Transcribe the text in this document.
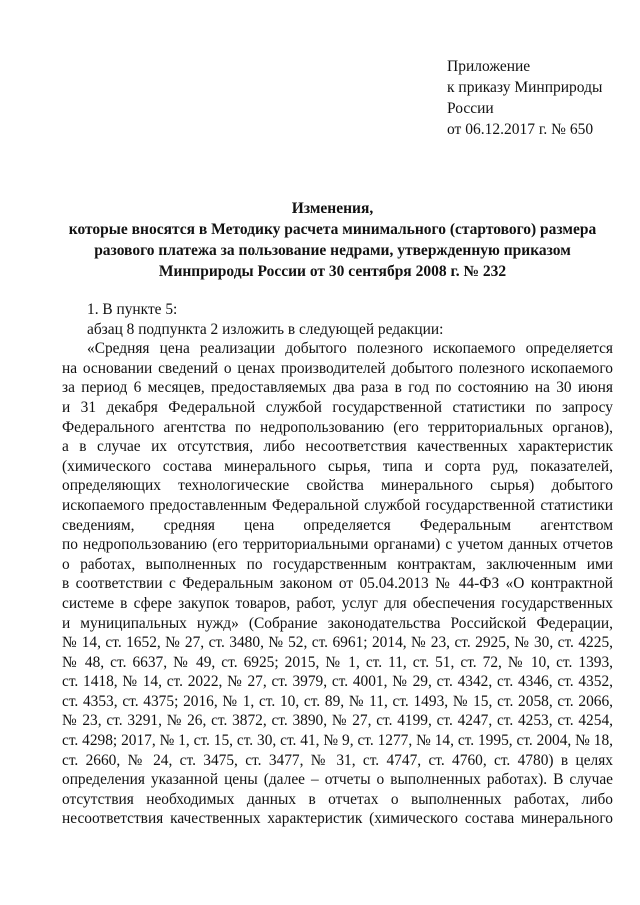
Приложение
к приказу Минприроды
России
от 06.12.2017 г. № 650
Изменения,
которые вносятся в Методику расчета минимального (стартового) размера
разового платежа за пользование недрами, утвержденную приказом
Минприроды России от 30 сентября 2008 г. № 232
1. В пункте 5:
абзац 8 подпункта 2 изложить в следующей редакции:
«Средняя цена реализации добытого полезного ископаемого определяется
на основании сведений о ценах производителей добытого полезного ископаемого
за период 6 месяцев, предоставляемых два раза в год по состоянию на 30 июня
и 31 декабря Федеральной службой государственной статистики по запросу
Федерального агентства по недропользованию (его территориальных органов),
а в случае их отсутствия, либо несоответствия качественных характеристик
(химического состава минерального сырья, типа и сорта руд, показателей,
определяющих технологические свойства минерального сырья) добытого
ископаемого предоставленным Федеральной службой государственной статистики
сведениям, средняя цена определяется Федеральным агентством
по недропользованию (его территориальными органами) с учетом данных отчетов
о работах, выполненных по государственным контрактам, заключенным ими
в соответствии с Федеральным законом от 05.04.2013 № 44-ФЗ «О контрактной
системе в сфере закупок товаров, работ, услуг для обеспечения государственных
и муниципальных нужд» (Собрание законодательства Российской Федерации,
№ 14, ст. 1652, № 27, ст. 3480, № 52, ст. 6961; 2014, № 23, ст. 2925, № 30, ст. 4225,
№ 48, ст. 6637, № 49, ст. 6925; 2015, № 1, ст. 11, ст. 51, ст. 72, № 10, ст. 1393,
ст. 1418, № 14, ст. 2022, № 27, ст. 3979, ст. 4001, № 29, ст. 4342, ст. 4346, ст. 4352,
ст. 4353, ст. 4375; 2016, № 1, ст. 10, ст. 89, № 11, ст. 1493, № 15, ст. 2058, ст. 2066,
№ 23, ст. 3291, № 26, ст. 3872, ст. 3890, № 27, ст. 4199, ст. 4247, ст. 4253, ст. 4254,
ст. 4298; 2017, № 1, ст. 15, ст. 30, ст. 41, № 9, ст. 1277, № 14, ст. 1995, ст. 2004, № 18,
ст. 2660, № 24, ст. 3475, ст. 3477, № 31, ст. 4747, ст. 4760, ст. 4780) в целях
определения указанной цены (далее – отчеты о выполненных работах). В случае
отсутствия необходимых данных в отчетах о выполненных работах, либо
несоответствия качественных характеристик (химического состава минерального
